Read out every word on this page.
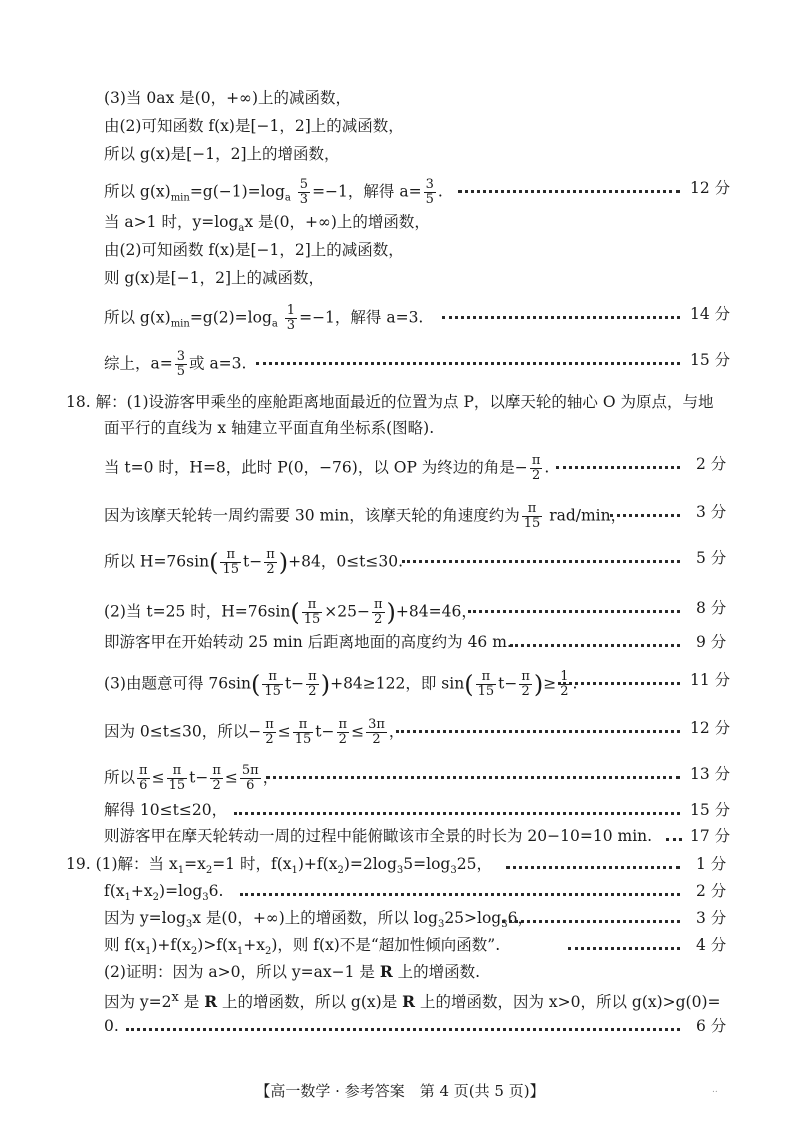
(3)当 0ax 是(0，+∞)上的减函数，
由(2)可知函数 f(x)是[−1，2]上的减函数，
所以 g(x)是[−1，2]上的增函数，
所以 $g(x)_{min}=g(-1)=\log_a \frac{5}{3} =-1$，解得 $a= \frac{3}{5}$ .
当 a>1 时，$y=\log_ax$ 是(0，+∞)上的增函数，
由(2)可知函数 f(x)是[−1，2]上的减函数，
则 g(x)是[−1，2]上的减函数，
所以 $g(x)_{min}=g(2)=\log_a \frac{1}{3} =-1$，解得 a=3.
综上，$a= \frac{3}{5}$ 或 a=3.
18. 解：(1)设游客甲乘坐的座舱距离地面最近的位置为点 P，以摩天轮的轴心 O 为原点，与地
面平行的直线为 x 轴建立平面直角坐标系(图略).
当 t=0 时，H=8，此时 P(0，−76)，以 OP 为终边的角是− $\frac{\pi}{2}$ .
因为该摩天轮转一周约需要 30 min，该摩天轮的角速度约为 $\frac{\pi}{15} rad/\min$，
所以 $H=76\sin( \frac{\pi}{15} t- \frac{\pi}{2} )+84$，0≤t≤30.
(2)当 t=25 时，$H=76\sin( \frac{\pi}{15} \times 25- \frac{\pi}{2} )+84=46$，
即游客甲在开始转动 25 min 后距离地面的高度约为 46 m.
(3)由题意可得 $76\sin( \frac{\pi}{15} t- \frac{\pi}{2} )+84\ge 122$，即 $\sin( \frac{\pi}{15} t- \frac{\pi}{2}$ )≥ $\frac{1}{2}$ .
因为 0≤t≤30，所以− $\frac{\pi}{2} \le \frac{\pi}{15} t- \frac{\pi}{2} \le \frac{3\pi}{2}$ ，
所以 $\frac{\pi}{6} \le \frac{\pi}{15} t- \frac{\pi}{2} \le \frac{5\pi}{6}$ ，
解得 10≤t≤20，
则游客甲在摩天轮转动一周的过程中能俯瞰该市全景的时长为 20−10=10 min.
19. (1)解：当 $x_1=x_2=1$ 时，$f(x_1)+f(x_2)=2\log_35=\log_325$，
$f(x_1+x_2)=\log_36$.
因为 $y=\log_3x$ 是(0，+∞)上的增函数，所以 $\log_325>\log_36$，
则 $f(x_1)+f(x_2)>f(x_1+x_2)$，则 f(x)不是“超加性倾向函数”.
(2)证明：因为 a>0，所以 y=ax−1 是 R 上的增函数.
因为 $y=2^x$ 是 R 上的增函数，所以 g(x)是 R 上的增函数，因为 x>0，所以 g(x)>g(0)=
0.
12 分
14 分
15 分
2 分
3 分
5 分
8 分
9 分
11 分
12 分
13 分
15 分
17 分
1 分
2 分
3 分
4 分
6 分
【高一数学 · 参考答案　第 4 页(共 5 页)】	..
